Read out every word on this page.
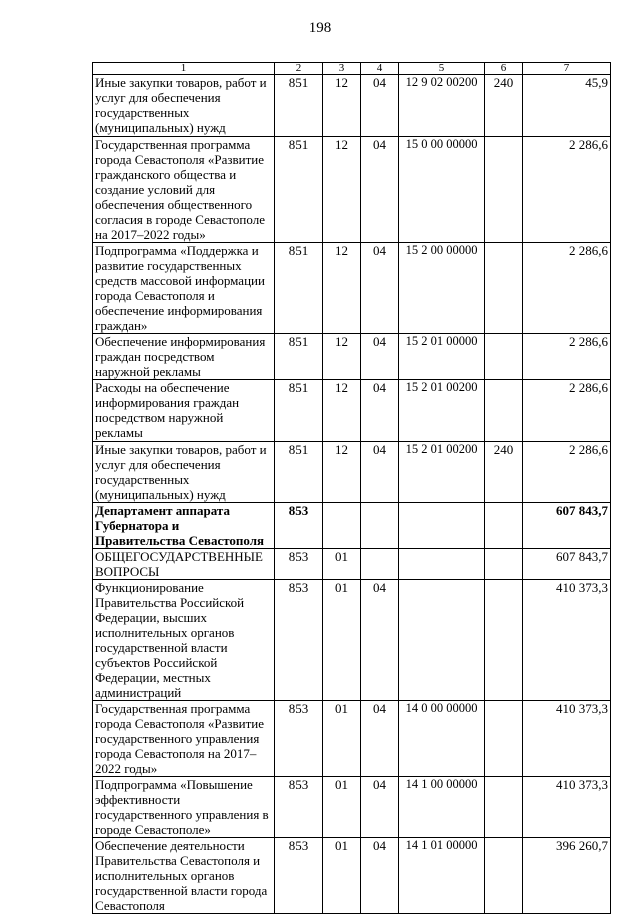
198
1	2	3	4	5	6	7
Иные закупки товаров, работ и услуг для обеспечения государственных (муниципальных) нужд	851	12	04	12 9 02 00200	240	45,9
Государственная программа города Севастополя «Развитие гражданского общества и создание условий для обеспечения общественного согласия в городе Севастополе на 2017–2022 годы»	851	12	04	15 0 00 00000		2 286,6
Подпрограмма «Поддержка и развитие государственных средств массовой информации города Севастополя и обеспечение информирования граждан»	851	12	04	15 2 00 00000		2 286,6
Обеспечение информирования граждан посредством наружной рекламы	851	12	04	15 2 01 00000		2 286,6
Расходы на обеспечение информирования граждан посредством наружной рекламы	851	12	04	15 2 01 00200		2 286,6
Иные закупки товаров, работ и услуг для обеспечения государственных (муниципальных) нужд	851	12	04	15 2 01 00200	240	2 286,6
Департамент аппарата Губернатора и Правительства Севастополя	853					607 843,7
ОБЩЕГОСУДАРСТВЕННЫЕ ВОПРОСЫ	853	01				607 843,7
Функционирование Правительства Российской Федерации, высших исполнительных органов государственной власти субъектов Российской Федерации, местных администраций	853	01	04			410 373,3
Государственная программа города Севастополя «Развитие государственного управления города Севастополя на 2017–2022 годы»	853	01	04	14 0 00 00000		410 373,3
Подпрограмма «Повышение эффективности государственного управления в городе Севастополе»	853	01	04	14 1 00 00000		410 373,3
Обеспечение деятельности Правительства Севастополя и исполнительных органов государственной власти города Севастополя	853	01	04	14 1 01 00000		396 260,7
